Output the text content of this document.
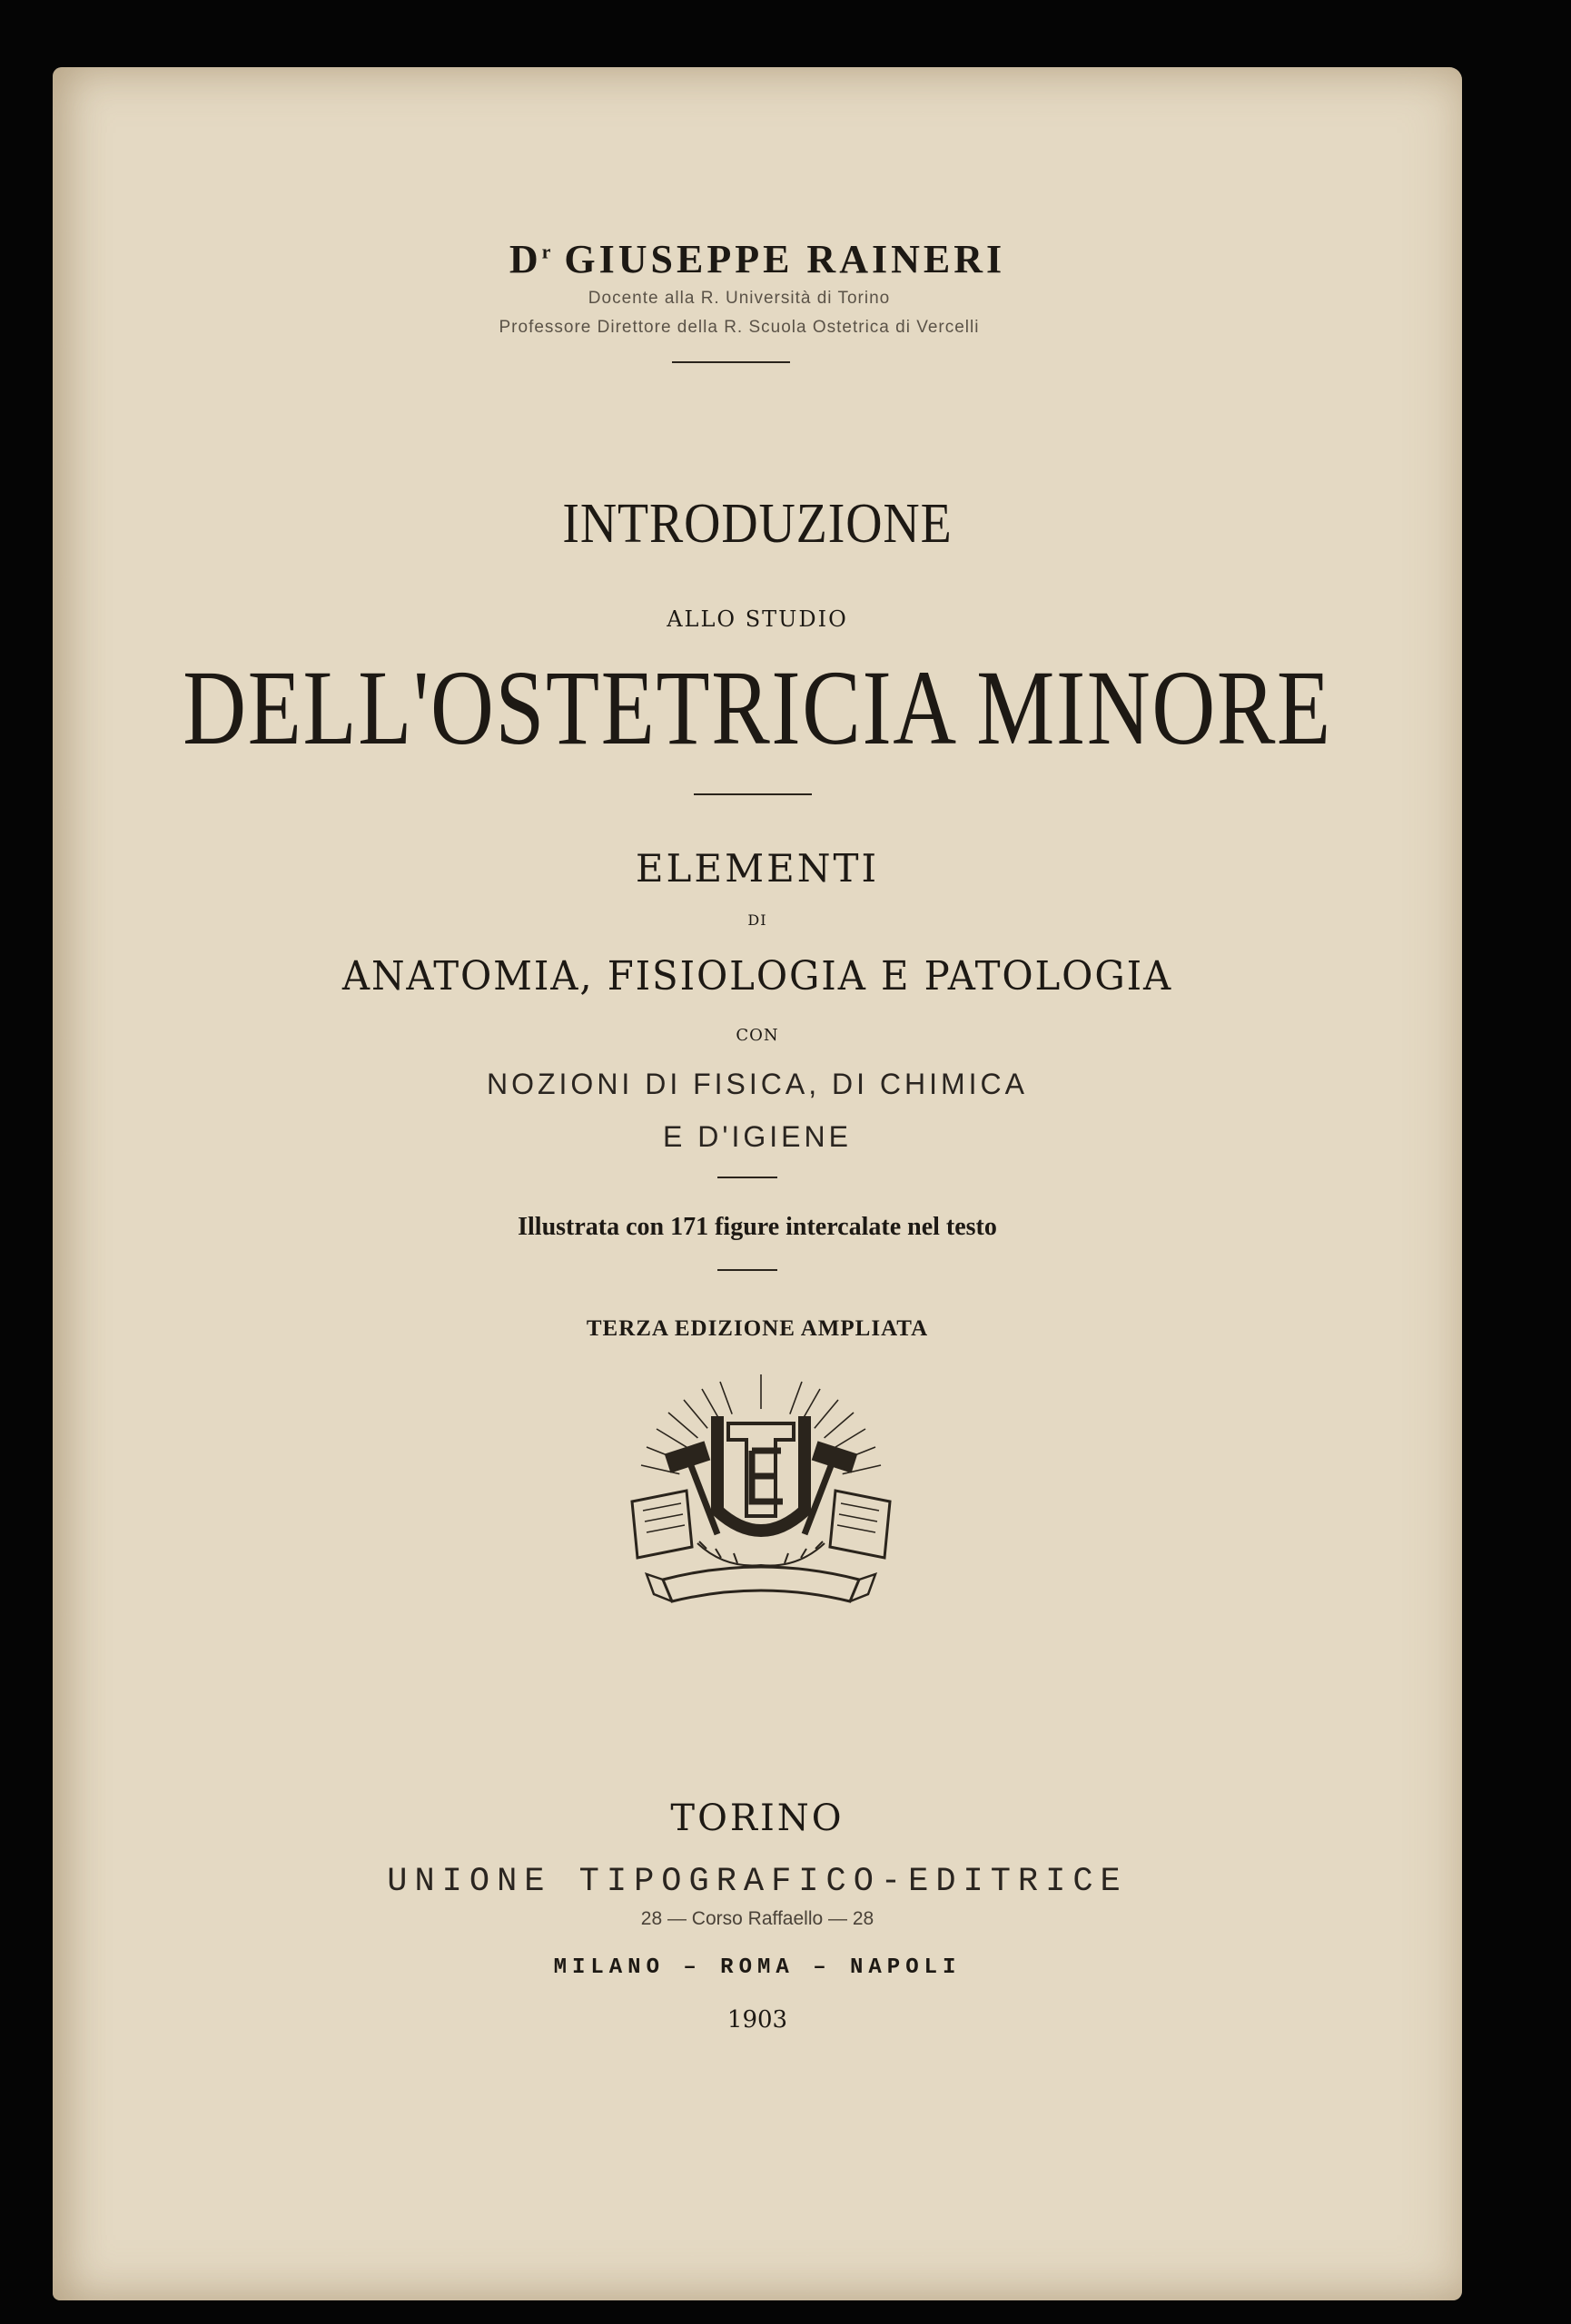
$D^r$ GIUSEPPE RAINERI
Docente alla R. Università di Torino
Professore Direttore della R. Scuola Ostetrica di Vercelli
INTRODUZIONE
ALLO STUDIO
DELL'OSTETRICIA MINORE
ELEMENTI
DI
ANATOMIA, FISIOLOGIA E PATOLOGIA
CON
NOZIONI DI FISICA, DI CHIMICA
E D'IGIENE
Illustrata con 171 figure intercalate nel testo
TERZA EDIZIONE AMPLIATA
TORINO
UNIONE TIPOGRAFICO-EDITRICE
28 — Corso Raffaello — 28
MILANO – ROMA – NAPOLI
1903
